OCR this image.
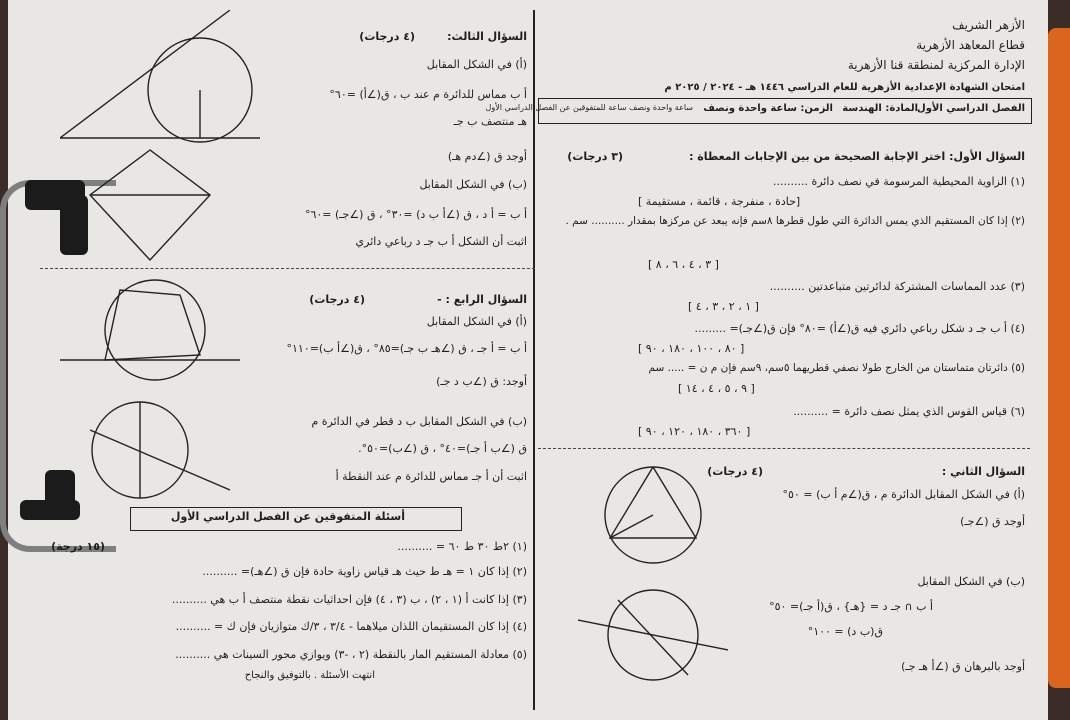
الأزهر الشريف
قطاع المعاهد الأزهرية
الإدارة المركزية لمنطقة قنا الأزهرية
امتحان الشهادة الإعدادية الأزهرية للعام الدراسي ١٤٤٦ هـ - ٢٠٢٤ / ٢٠٢٥ م
الفصل الدراسي الأول
المادة: الهندسة
الزمن: ساعة واحدة ونصف
ساعة واحدة ونصف ساعة للمتفوقين عن الفصل الدراسي الأول
السؤال الأول: اختر الإجابة الصحيحة من بين الإجابات المعطاة :
(٣ درجات)
(١) الزاوية المحيطية المرسومة في نصف دائرة ..........
[ حادة ، منفرجة ، قائمة ، مستقيمة]
(٢) إذا كان المستقيم الذي يمس الدائرة التي طول قطرها ٨سم فإنه يبعد عن مركزها بمقدار .......... سم .
[ ٣ ، ٤ ، ٦ ، ٨ ]
(٣) عدد المماسات المشتركة لدائرتين متباعدتين ..........
[ ١ ، ٢ ، ٣ ، ٤ ]
(٤) أ ب جـ د شكل رباعي دائري فيه ق(∠أ) =٨٠° فإن ق(∠جـ)= .........
[ ٨٠ ، ١٠٠ ، ١٨٠ ، ٩٠ ]
(٥) دائرتان متماستان من الخارج طولا نصفي قطريهما ٥سم، ٩سم فإن م ن = ..... سم
[ ٩ ، ٥ ، ٤ ، ١٤ ]
(٦) قياس القوس الذي يمثل نصف دائرة = ..........
[ ٣٦٠ ، ١٨٠ ، ١٢٠ ، ٩٠ ]
السؤال الثاني :
(٤ درجات)
(أ) في الشكل المقابل الدائرة م ، ق(∠م أ ب) = ٥٠°
أوجد ق (∠جـ)
(ب) في الشكل المقابل
أ ب ∩ جـ د = {هـ} ، ق(أ جـ)= ٥٠°
ق(ب د) = ١٠٠°
أوجد بالبرهان ق (∠أ هـ جـ)
السؤال الثالث:
(٤ درجات)
(أ) في الشكل المقابل
أ ب مماس للدائرة م عند ب ، ق(∠أ) =٦٠°
هـ منتصف ب جـ
أوجد ق (∠دم هـ)
(ب) في الشكل المقابل
أ ب = أ د ، ق (∠أ ب د) =٣٠° ، ق (∠جـ) =٦٠°
اثبت أن الشكل أ ب جـ د رباعي دائري
السؤال الرابع : -
(٤ درجات)
(أ) في الشكل المقابل
أ ب = أ جـ ، ق (∠هـ ب جـ)=٨٥° ، ق(∠أ ب)=١١٠°
أوجد: ق (∠ب د جـ)
(ب) في الشكل المقابل ب د قطر في الدائرة م
ق (∠ب أ جـ)=٤٠° ، ق (∠ب)=٥٠°.
اثبت أن أ جـ مماس للدائرة م عند النقطة أ
أسئلة المتفوقين عن الفصل الدراسي الأول
(١٥ درجة)	(١) ٢ط ٣٠ ط ٦٠ = ..........
(٢) إذا كان ١ = هـ ط حيث هـ قياس زاوية حادة فإن ق (∠هـ)= ..........
(٣) إذا كانت أ (١ ، ٢) ، ب (٣ ، ٤) فإن احداثيات نقطة منتصف أ ب هي ..........
(٤) إذا كان المستقيمان اللذان ميلاهما - ٣/٤ ، ٣/ك متوازيان فإن ك = ..........
(٥) معادلة المستقيم المار بالنقطة (٢ ، -٣) ويوازي محور السينات هي ..........
انتهت الأسئلة . بالتوفيق والنجاح
